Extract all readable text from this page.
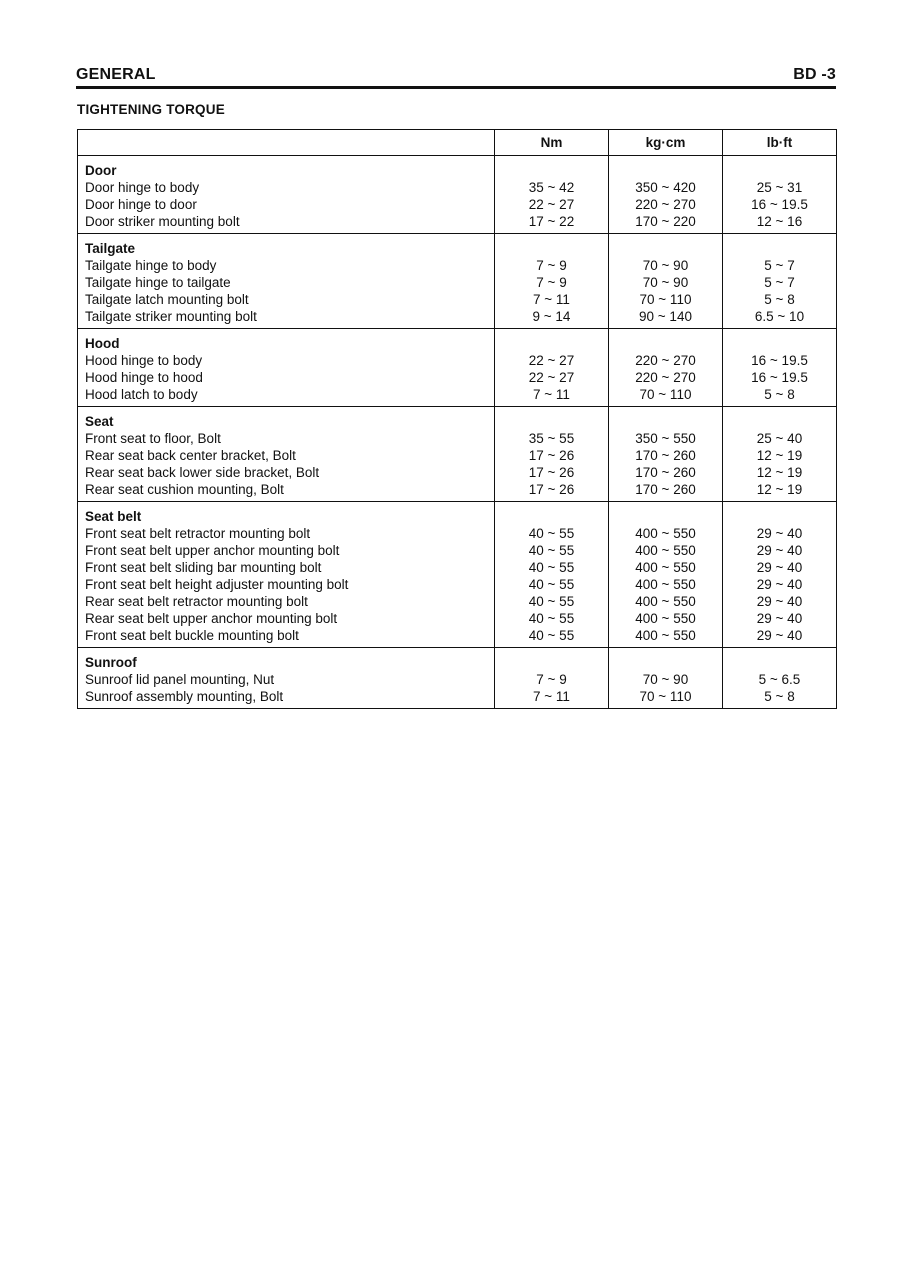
GENERAL	BD -3
TIGHTENING TORQUE
	Nm	kg·cm	lb·ft
Door			
Door hinge to body	35 ~ 42	350 ~ 420	25 ~ 31
Door hinge to door	22 ~ 27	220 ~ 270	16 ~ 19.5
Door striker mounting bolt	17 ~ 22	170 ~ 220	12 ~ 16
Tailgate			
Tailgate hinge to body	7 ~ 9	70 ~ 90	5 ~ 7
Tailgate hinge to tailgate	7 ~ 9	70 ~ 90	5 ~ 7
Tailgate latch mounting bolt	7 ~ 11	70 ~ 110	5 ~ 8
Tailgate striker mounting bolt	9 ~ 14	90 ~ 140	6.5 ~ 10
Hood			
Hood hinge to body	22 ~ 27	220 ~ 270	16 ~ 19.5
Hood hinge to hood	22 ~ 27	220 ~ 270	16 ~ 19.5
Hood latch to body	7 ~ 11	70 ~ 110	5 ~ 8
Seat			
Front seat to floor, Bolt	35 ~ 55	350 ~ 550	25 ~ 40
Rear seat back center bracket, Bolt	17 ~ 26	170 ~ 260	12 ~ 19
Rear seat back lower side bracket, Bolt	17 ~ 26	170 ~ 260	12 ~ 19
Rear seat cushion mounting, Bolt	17 ~ 26	170 ~ 260	12 ~ 19
Seat belt			
Front seat belt retractor mounting bolt	40 ~ 55	400 ~ 550	29 ~ 40
Front seat belt upper anchor mounting bolt	40 ~ 55	400 ~ 550	29 ~ 40
Front seat belt sliding bar mounting bolt	40 ~ 55	400 ~ 550	29 ~ 40
Front seat belt height adjuster mounting bolt	40 ~ 55	400 ~ 550	29 ~ 40
Rear seat belt retractor mounting bolt	40 ~ 55	400 ~ 550	29 ~ 40
Rear seat belt upper anchor mounting bolt	40 ~ 55	400 ~ 550	29 ~ 40
Front seat belt buckle mounting bolt	40 ~ 55	400 ~ 550	29 ~ 40
Sunroof			
Sunroof lid panel mounting, Nut	7 ~ 9	70 ~ 90	5 ~ 6.5
Sunroof assembly mounting, Bolt	7 ~ 11	70 ~ 110	5 ~ 8
